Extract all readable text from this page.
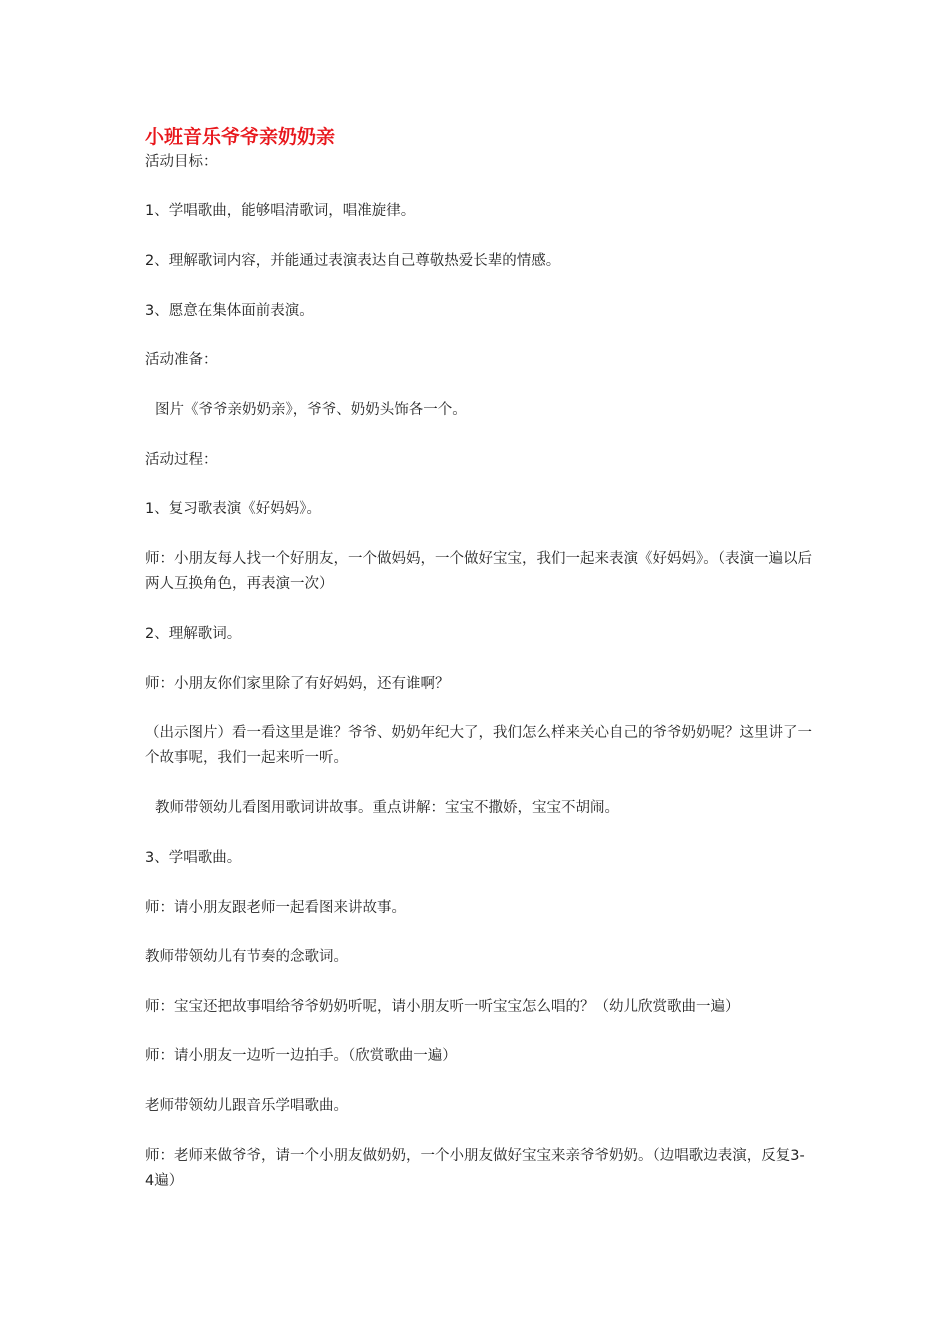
小班音乐爷爷亲奶奶亲

活动目标：

1、学唱歌曲，能够唱清歌词，唱准旋律。

2、理解歌词内容，并能通过表演表达自己尊敬热爱长辈的情感。

3、愿意在集体面前表演。

活动准备：

图片《爷爷亲奶奶亲》，爷爷、奶奶头饰各一个。

活动过程：

1、复习歌表演《好妈妈》。

师：小朋友每人找一个好朋友，一个做妈妈，一个做好宝宝，我们一起来表演《好妈妈》。（表演一遍以后两人互换角色，再表演一次）

2、理解歌词。

师：小朋友你们家里除了有好妈妈，还有谁啊？

（出示图片）看一看这里是谁？爷爷、奶奶年纪大了，我们怎么样来关心自己的爷爷奶奶呢？这里讲了一个故事呢，我们一起来听一听。

教师带领幼儿看图用歌词讲故事。重点讲解：宝宝不撒娇，宝宝不胡闹。

3、学唱歌曲。

师：请小朋友跟老师一起看图来讲故事。

教师带领幼儿有节奏的念歌词。

师：宝宝还把故事唱给爷爷奶奶听呢，请小朋友听一听宝宝怎么唱的？（幼儿欣赏歌曲一遍）

师：请小朋友一边听一边拍手。（欣赏歌曲一遍）

老师带领幼儿跟音乐学唱歌曲。

师：老师来做爷爷，请一个小朋友做奶奶，一个小朋友做好宝宝来亲爷爷奶奶。（边唱歌边表演，反复3-4遍）
